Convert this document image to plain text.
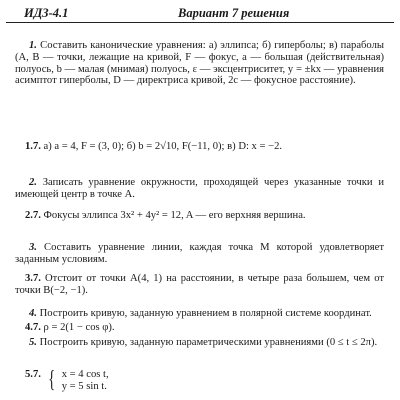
ИДЗ-4.1	Вариант 7 решения
1. Составить канонические уравнения: а) эллипса; б) гиперболы; в) параболы (A, B — точки, лежащие на кривой, F — фокус, a — большая (действительная) полуось, b — малая (мнимая) полуось, ε — эксцентриситет, y = ±kx — уравнения асимптот гиперболы, D — директриса кривой, 2c — фокусное расстояние).
1.7. а) a = 4, F = (3, 0); б) b = 2√10, F(−11, 0); в) D: x = −2.
2. Записать уравнение окружности, проходящей через указанные точки и имеющей центр в точке A.
2.7. Фокусы эллипса 3x² + 4y² = 12, A — его верхняя вершина.
3. Составить уравнение линии, каждая точка M которой удовлетворяет заданным условиям.
3.7. Отстоит от точки A(4, 1) на расстоянии, в четыре раза большем, чем от точки B(−2, −1).
4. Построить кривую, заданную уравнением в полярной системе координат.
4.7. ρ = 2(1 − cos φ).
5. Построить кривую, заданную параметрическими уравнениями (0 ≤ t ≤ 2π).
5.7. { x = 4 cos t,
y = 5 sin t.
